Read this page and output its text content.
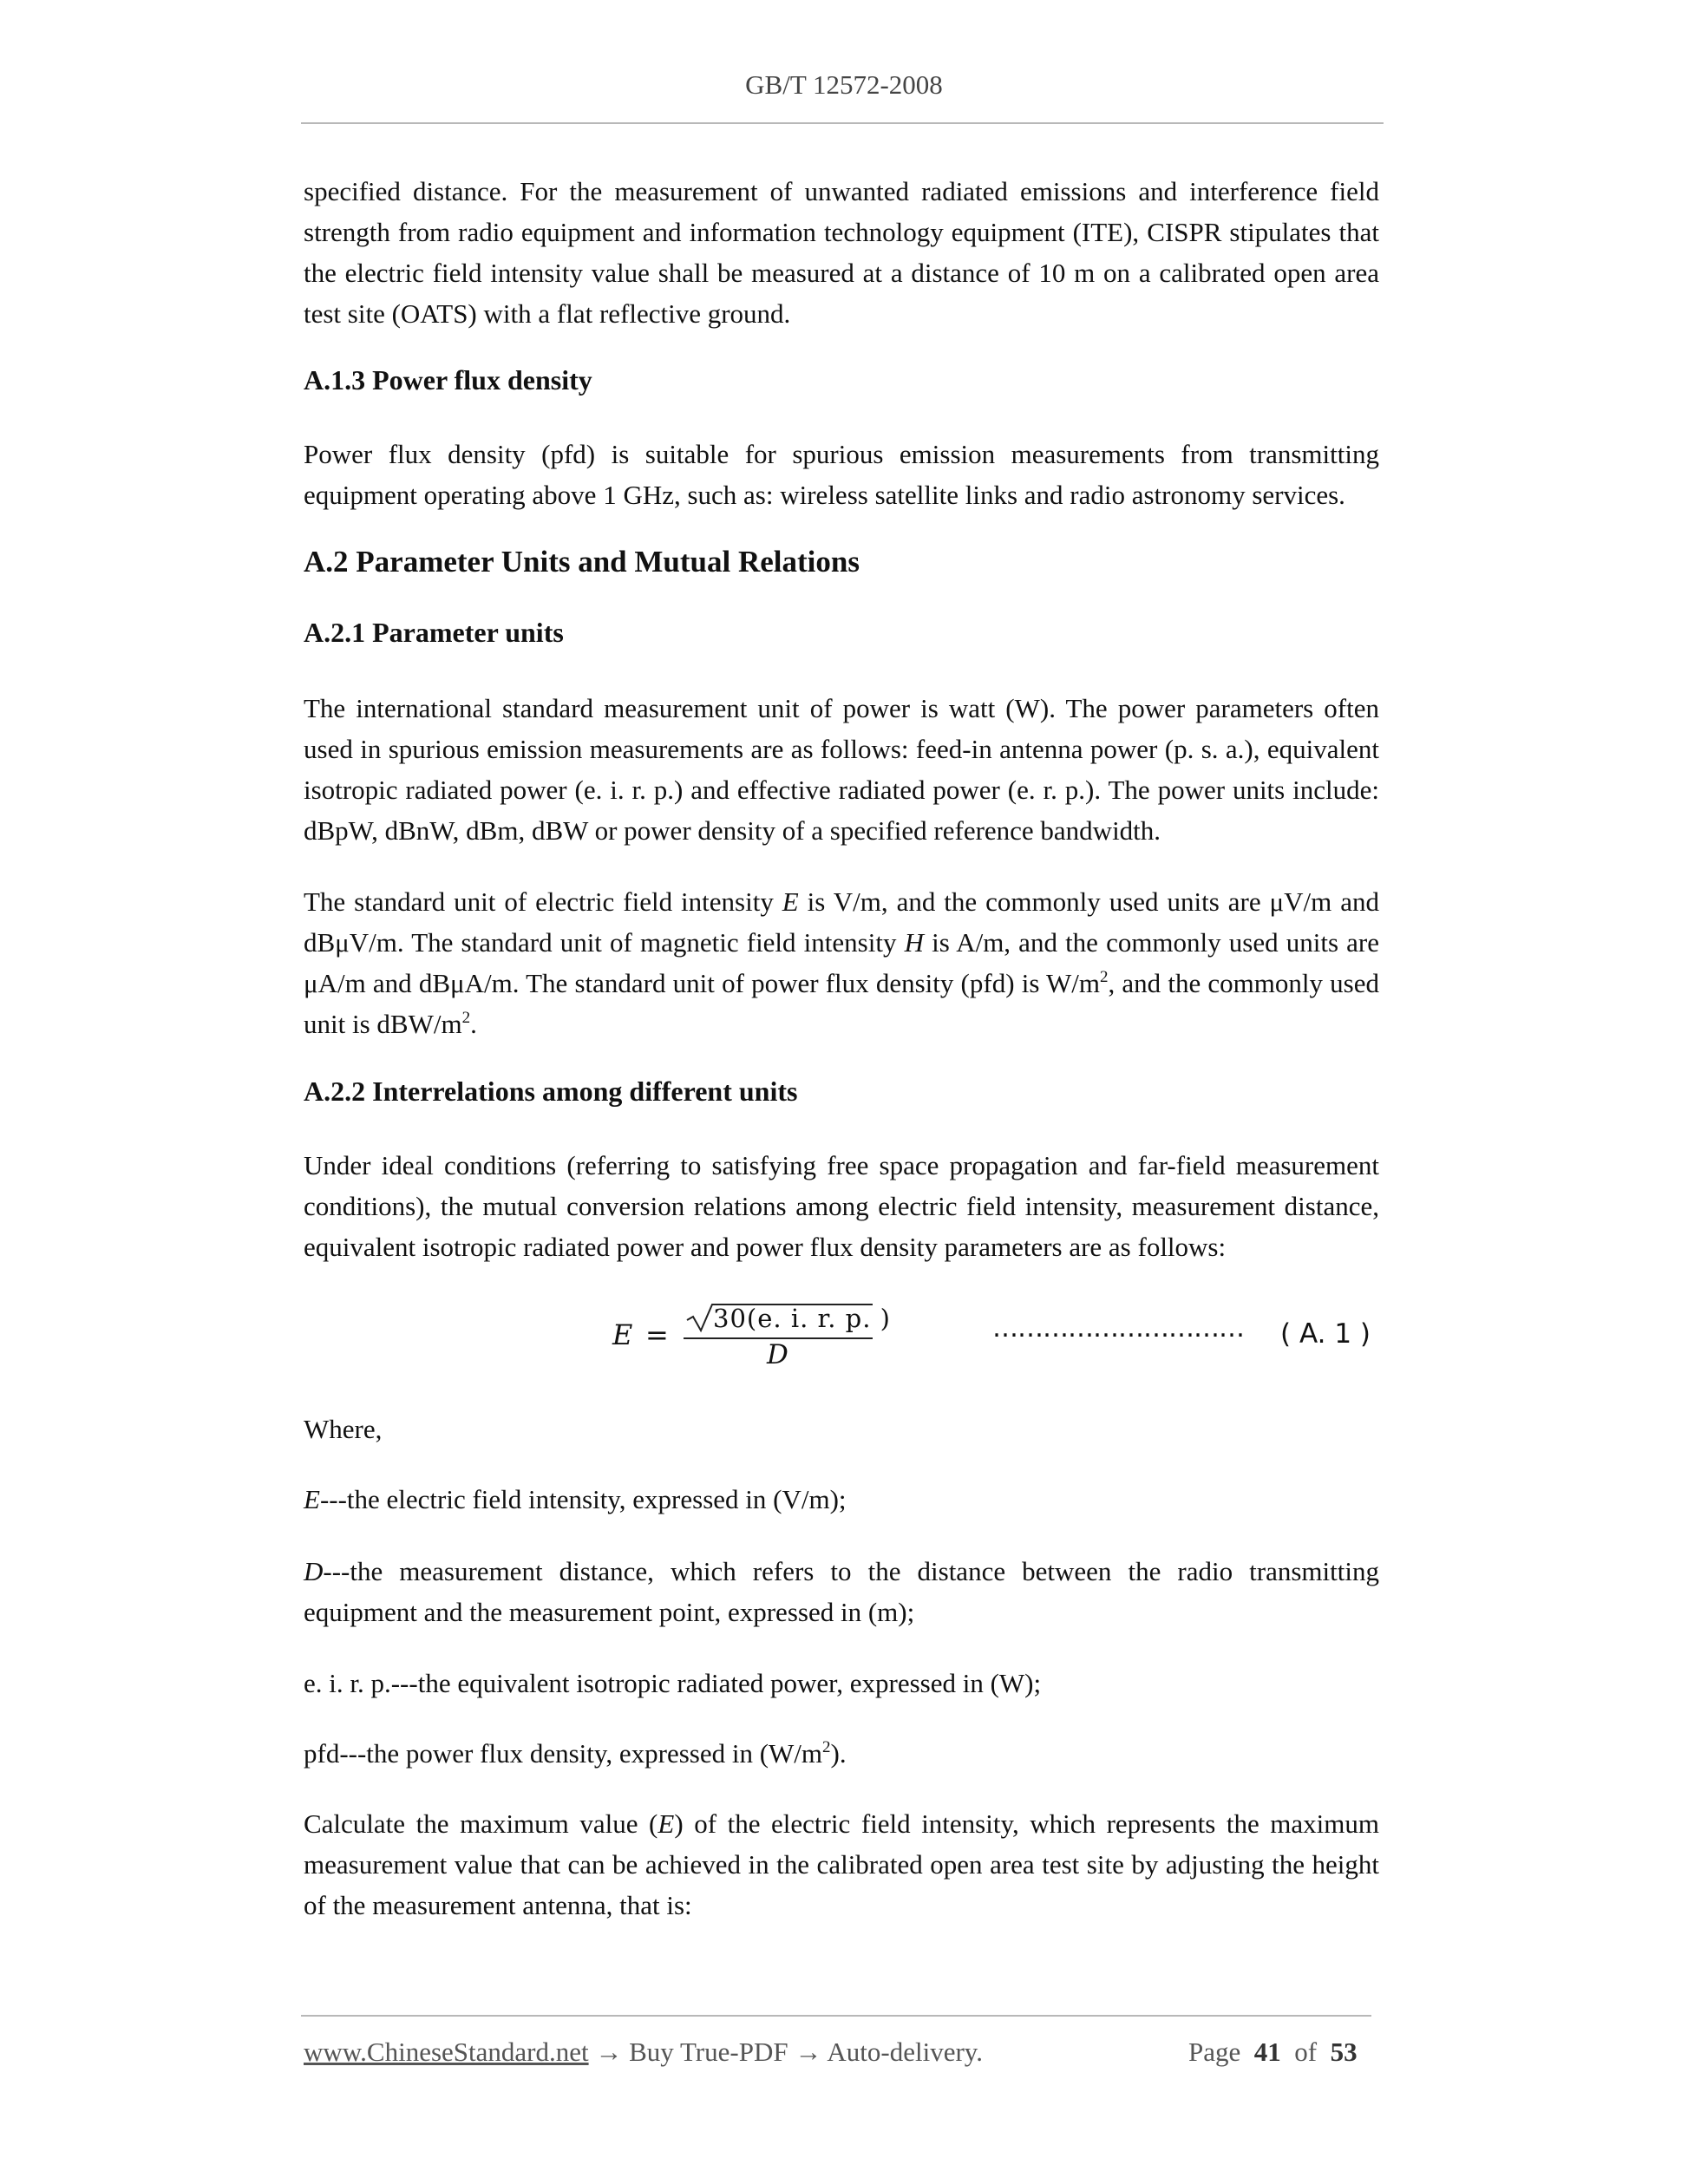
GB/T 12572-2008

specified distance. For the measurement of unwanted radiated emissions and interference field strength from radio equipment and information technology equipment (ITE), CISPR stipulates that the electric field intensity value shall be measured at a distance of 10 m on a calibrated open area test site (OATS) with a flat reflective ground.

A.1.3 Power flux density

Power flux density (pfd) is suitable for spurious emission measurements from transmitting equipment operating above 1 GHz, such as: wireless satellite links and radio astronomy services.

A.2 Parameter Units and Mutual Relations
A.2.1 Parameter units

The international standard measurement unit of power is watt (W). The power parameters often used in spurious emission measurements are as follows: feed-in antenna power (p. s. a.), equivalent isotropic radiated power (e. i. r. p.) and effective radiated power (e. r. p.). The power units include: dBpW, dBnW, dBm, dBW or power density of a specified reference bandwidth.

The standard unit of electric field intensity E is V/m, and the commonly used units are μV/m and dBμV/m. The standard unit of magnetic field intensity H is A/m, and the commonly used units are μA/m and dBμA/m. The standard unit of power flux density (pfd) is $W/m^2$, and the commonly used unit is dBW/$m^2$.

A.2.2 Interrelations among different units

Under ideal conditions (referring to satisfying free space propagation and far-field measurement conditions), the mutual conversion relations among electric field intensity, measurement distance, equivalent isotropic radiated power and power flux density parameters are as follows:

E = 30(e. i. r. p. )
D
………………………… ( A. 1 )

Where,

E---the electric field intensity, expressed in (V/m);

D---the measurement distance, which refers to the distance between the radio transmitting equipment and the measurement point, expressed in (m);

e. i. r. p.---the equivalent isotropic radiated power, expressed in (W);

pfd---the power flux density, expressed in $(W/m^2)$.

Calculate the maximum value (E) of the electric field intensity, which represents the maximum measurement value that can be achieved in the calibrated open area test site by adjusting the height of the measurement antenna, that is:

www.ChineseStandard.net → Buy True-PDF → Auto-delivery.	Page 41 of 53
